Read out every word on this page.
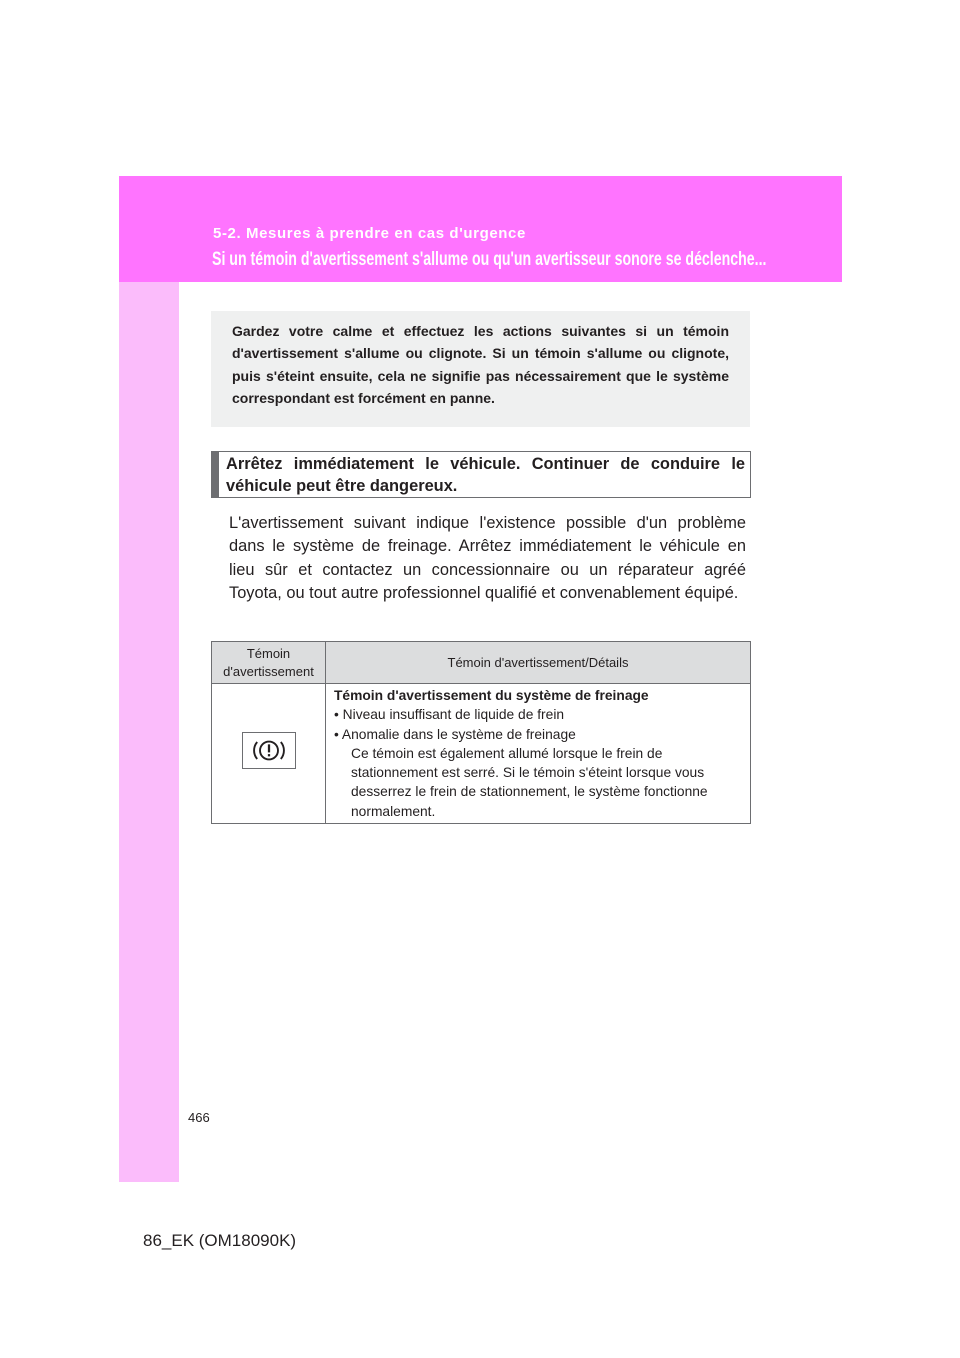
5-2. Mesures à prendre en cas d'urgence
Si un témoin d'avertissement s'allume ou qu'un avertisseur sonore se déclenche...

Gardez votre calme et effectuez les actions suivantes si un témoin d'avertissement s'allume ou clignote. Si un témoin s'allume ou clignote, puis s'éteint ensuite, cela ne signifie pas nécessairement que le système correspondant est forcément en panne.

Arrêtez immédiatement le véhicule. Continuer de conduire le véhicule peut être dangereux.

L'avertissement suivant indique l'existence possible d'un problème dans le système de freinage. Arrêtez immédiatement le véhicule en lieu sûr et contactez un concessionnaire ou un réparateur agréé Toyota, ou tout autre professionnel qualifié et convenablement équipé.

Témoin
d'avertissement	Témoin d'avertissement/Détails

Témoin d'avertissement du système de freinage
• Niveau insuffisant de liquide de frein
• Anomalie dans le système de freinage
Ce témoin est également allumé lorsque le frein de stationnement est serré. Si le témoin s'éteint lorsque vous desserrez le frein de stationnement, le système fonctionne normalement.
466
86_EK (OM18090K)
